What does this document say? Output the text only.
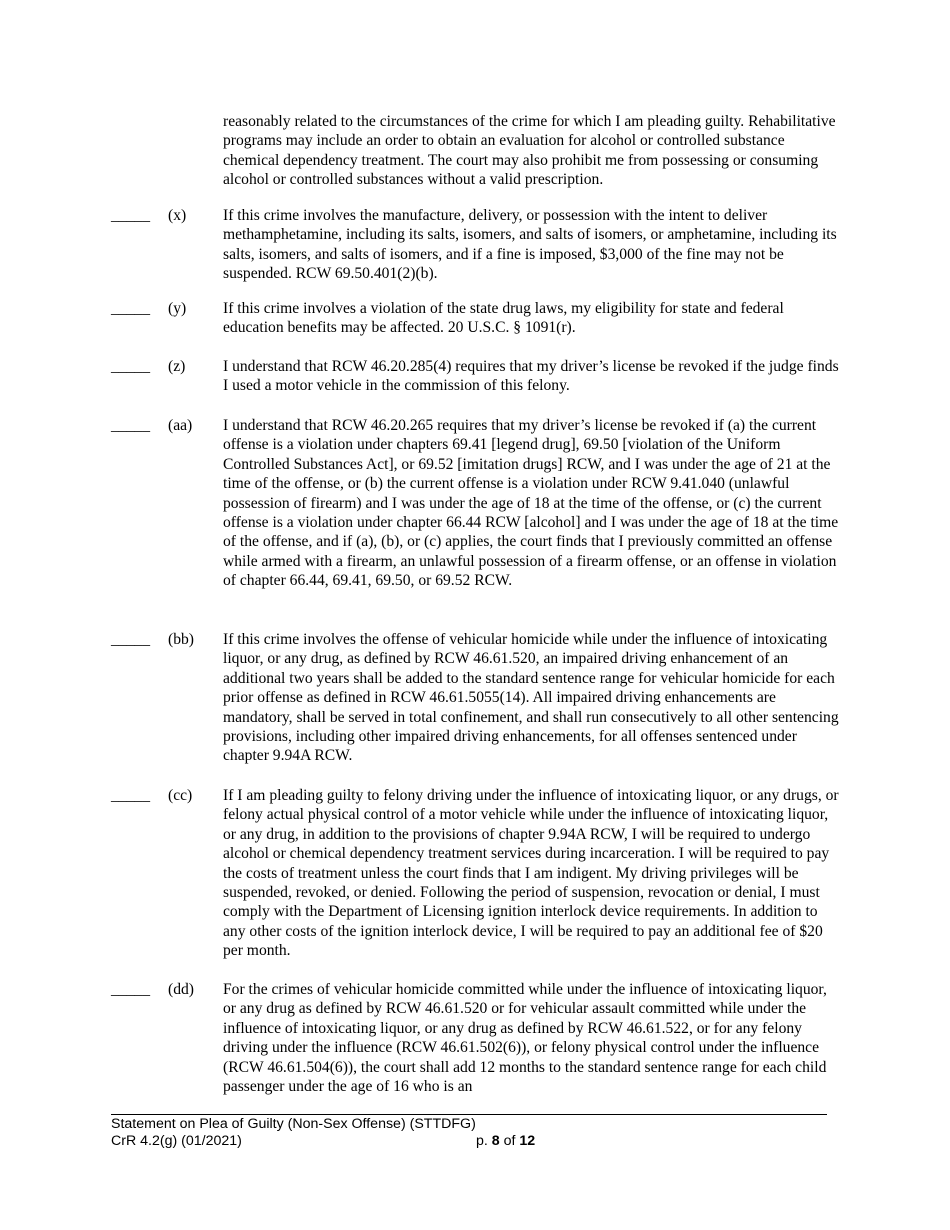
reasonably related to the circumstances of the crime for which I am pleading guilty. Rehabilitative programs may include an order to obtain an evaluation for alcohol or controlled substance chemical dependency treatment. The court may also prohibit me from possessing or consuming alcohol or controlled substances without a valid prescription.

_____ (x) If this crime involves the manufacture, delivery, or possession with the intent to deliver methamphetamine, including its salts, isomers, and salts of isomers, or amphetamine, including its salts, isomers, and salts of isomers, and if a fine is imposed, $3,000 of the fine may not be suspended. RCW 69.50.401(2)(b).

_____ (y) If this crime involves a violation of the state drug laws, my eligibility for state and federal education benefits may be affected. 20 U.S.C. § 1091(r).

_____ (z) I understand that RCW 46.20.285(4) requires that my driver’s license be revoked if the judge finds I used a motor vehicle in the commission of this felony.

_____ (aa) I understand that RCW 46.20.265 requires that my driver’s license be revoked if (a) the current offense is a violation under chapters 69.41 [legend drug], 69.50 [violation of the Uniform Controlled Substances Act], or 69.52 [imitation drugs] RCW, and I was under the age of 21 at the time of the offense, or (b) the current offense is a violation under RCW 9.41.040 (unlawful possession of firearm) and I was under the age of 18 at the time of the offense, or (c) the current offense is a violation under chapter 66.44 RCW [alcohol] and I was under the age of 18 at the time of the offense, and if (a), (b), or (c) applies, the court finds that I previously committed an offense while armed with a firearm, an unlawful possession of a firearm offense, or an offense in violation of chapter 66.44, 69.41, 69.50, or 69.52 RCW.

_____ (bb) If this crime involves the offense of vehicular homicide while under the influence of intoxicating liquor, or any drug, as defined by RCW 46.61.520, an impaired driving enhancement of an additional two years shall be added to the standard sentence range for vehicular homicide for each prior offense as defined in RCW 46.61.5055(14). All impaired driving enhancements are mandatory, shall be served in total confinement, and shall run consecutively to all other sentencing provisions, including other impaired driving enhancements, for all offenses sentenced under chapter 9.94A RCW.

_____ (cc) If I am pleading guilty to felony driving under the influence of intoxicating liquor, or any drugs, or felony actual physical control of a motor vehicle while under the influence of intoxicating liquor, or any drug, in addition to the provisions of chapter 9.94A RCW, I will be required to undergo alcohol or chemical dependency treatment services during incarceration. I will be required to pay the costs of treatment unless the court finds that I am indigent. My driving privileges will be suspended, revoked, or denied. Following the period of suspension, revocation or denial, I must comply with the Department of Licensing ignition interlock device requirements. In addition to any other costs of the ignition interlock device, I will be required to pay an additional fee of $20 per month.

_____ (dd) For the crimes of vehicular homicide committed while under the influence of intoxicating liquor, or any drug as defined by RCW 46.61.520 or for vehicular assault committed while under the influence of intoxicating liquor, or any drug as defined by RCW 46.61.522, or for any felony driving under the influence (RCW 46.61.502(6)), or felony physical control under the influence (RCW 46.61.504(6)), the court shall add 12 months to the standard sentence range for each child passenger under the age of 16 who is an

Statement on Plea of Guilty (Non-Sex Offense) (STTDFG)
CrR 4.2(g) (01/2021)	p. 8 of 12
